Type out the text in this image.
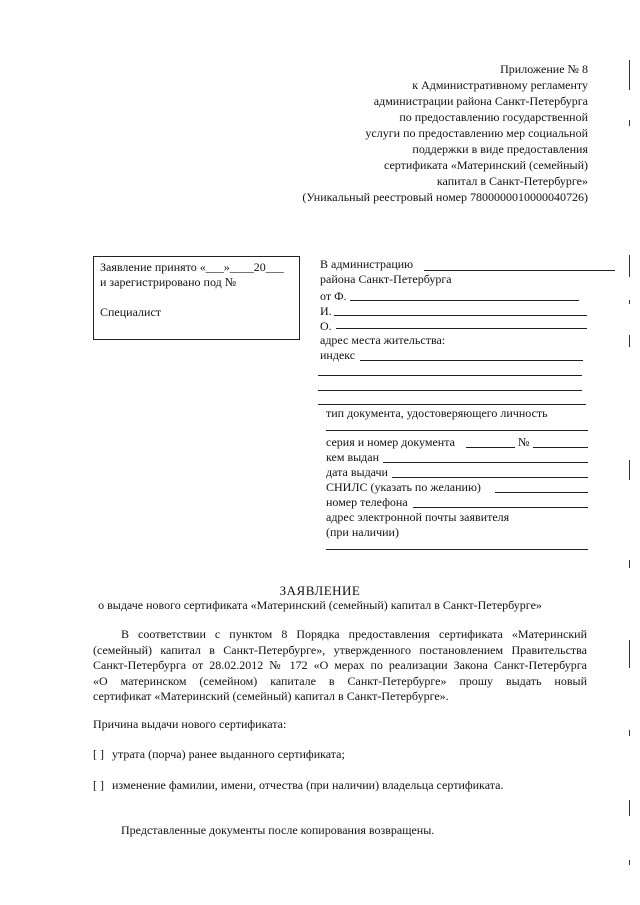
Приложение № 8
к Административному регламенту
администрации района Санкт-Петербурга
по предоставлению государственной
услуги по предоставлению мер социальной
поддержки в виде предоставления
сертификата «Материнский (семейный)
капитал в Санкт-Петербурге»
(Уникальный реестровый номер 7800000010000040726)
Заявление принято «___»____20___
и зарегистрировано под №
Специалист
В администрацию
района Санкт-Петербурга
от Ф.
И.
О.
адрес места жительства:
индекс
тип документа, удостоверяющего личность
серия и номер документа	№
кем выдан
дата выдачи
СНИЛС (указать по желанию)
номер телефона
адрес электронной почты заявителя
(при наличии)
ЗАЯВЛЕНИЕ
о выдаче нового сертификата «Материнский (семейный) капитал в Санкт-Петербурге»
В соответствии с пунктом 8 Порядка предоставления сертификата «Материнский
(семейный) капитал в Санкт-Петербурге», утвержденного постановлением Правительства
Санкт-Петербурга от 28.02.2012 № 172 «О мерах по реализации Закона Санкт-Петербурга
«О материнском (семейном) капитале в Санкт-Петербурге» прошу выдать новый
сертификат «Материнский (семейный) капитал в Санкт-Петербурге».
Причина выдачи нового сертификата:
[ ] утрата (порча) ранее выданного сертификата;
[ ] изменение фамилии, имени, отчества (при наличии) владельца сертификата.
Представленные документы после копирования возвращены.
